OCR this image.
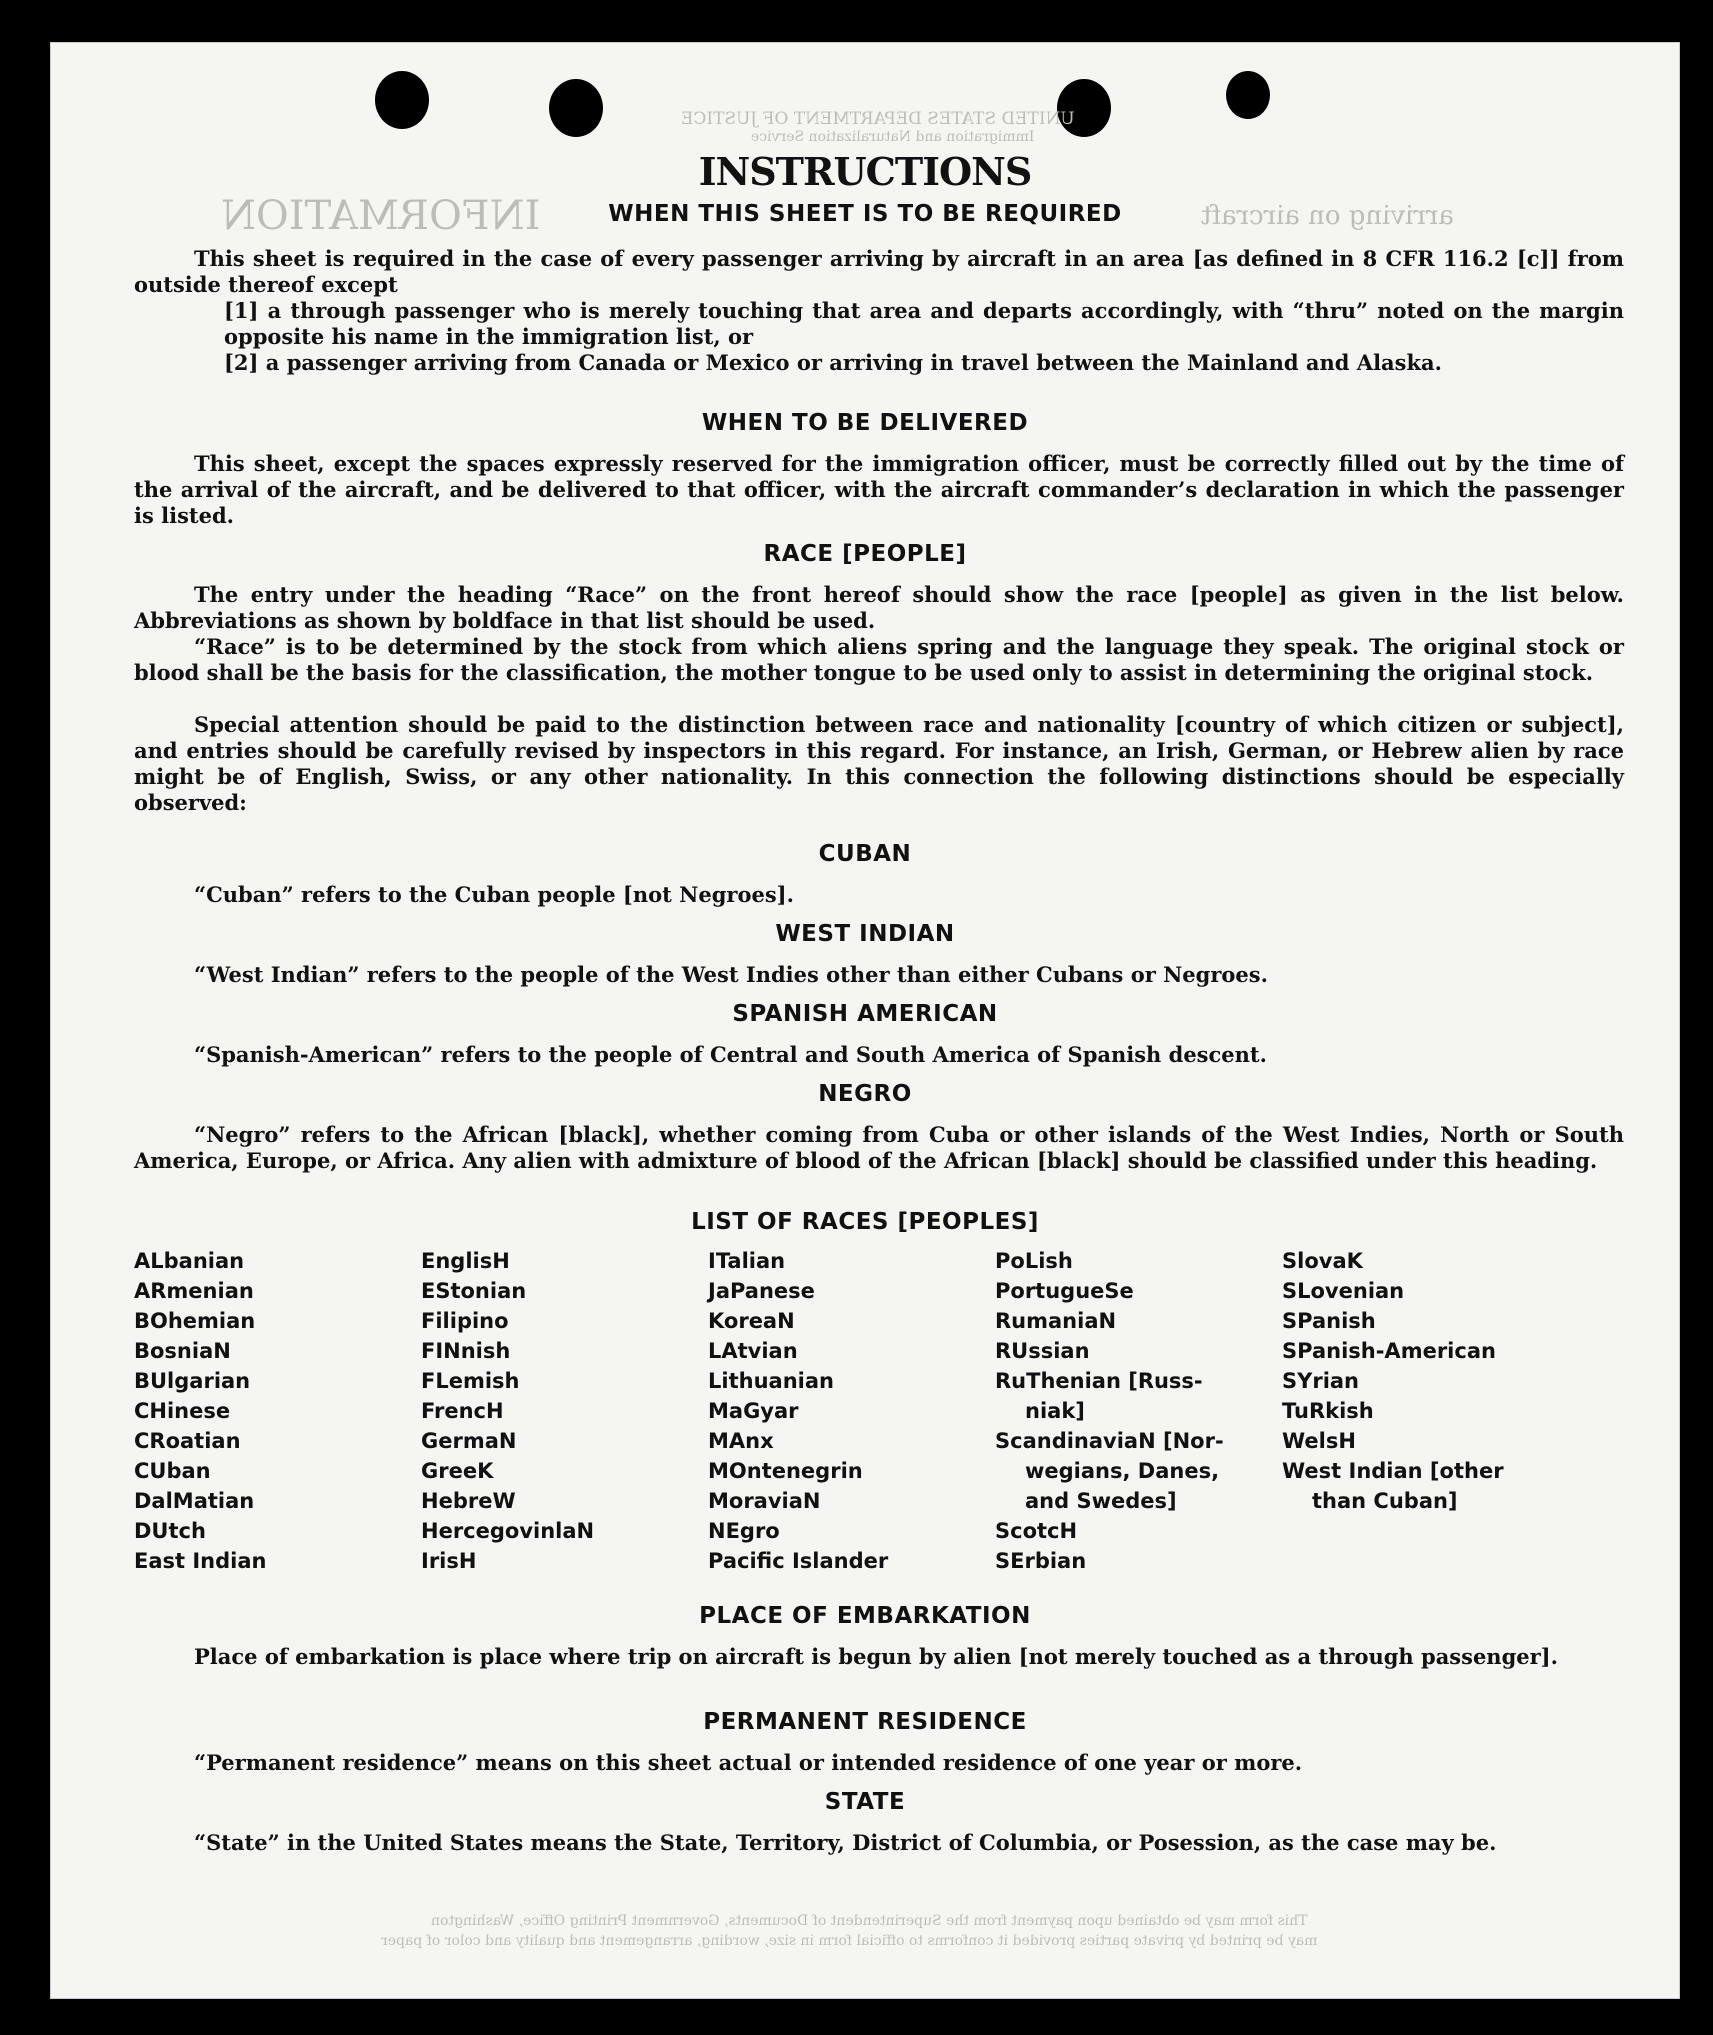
UNITED STATES DEPARTMENT OF JUSTICE
Immigration and Naturalization Service
INFORMATION	arriving on aircraft
This form may be obtained upon payment from the Superintendent of Documents, Government Printing Office, Washington
may be printed by private parties provided it conforms to official form in size, wording, arrangement and quality and color of paper
INSTRUCTIONS
WHEN THIS SHEET IS TO BE REQUIRED

This sheet is required in the case of every passenger arriving by aircraft in an area [as defined in 8 CFR 116.2 [c]] from outside thereof except

[1] a through passenger who is merely touching that area and departs accordingly, with “thru” noted on the margin opposite his name in the immigration list, or

[2] a passenger arriving from Canada or Mexico or arriving in travel between the Mainland and Alaska.

WHEN TO BE DELIVERED

This sheet, except the spaces expressly reserved for the immigration officer, must be correctly filled out by the time of the arrival of the aircraft, and be delivered to that officer, with the aircraft commander’s declaration in which the passenger is listed.

RACE [PEOPLE]

The entry under the heading “Race” on the front hereof should show the race [people] as given in the list below. Abbreviations as shown by boldface in that list should be used.

“Race” is to be determined by the stock from which aliens spring and the language they speak. The original stock or blood shall be the basis for the classification, the mother tongue to be used only to assist in determining the original stock.

Special attention should be paid to the distinction between race and nationality [country of which citizen or subject], and entries should be carefully revised by inspectors in this regard. For instance, an Irish, German, or Hebrew alien by race might be of English, Swiss, or any other nationality. In this connection the following distinctions should be especially observed:

CUBAN

“Cuban” refers to the Cuban people [not Negroes].

WEST INDIAN

“West Indian” refers to the people of the West Indies other than either Cubans or Negroes.

SPANISH AMERICAN

“Spanish-American” refers to the people of Central and South America of Spanish descent.

NEGRO

“Negro” refers to the African [black], whether coming from Cuba or other islands of the West Indies, North or South America, Europe, or Africa. Any alien with admixture of blood of the African [black] should be classified under this heading.

LIST OF RACES [PEOPLES]
ALbanian
ARmenian
BOhemian
BosniaN
BUlgarian
CHinese
CRoatian
CUban
DalMatian
DUtch
East Indian
EnglisH
EStonian
Filipino
FINnish
FLemish
FrencH
GermaN
GreeK
HebreW
HercegovinlaN
IrisH
ITalian
JaPanese
KoreaN
LAtvian
Lithuanian
MaGyar
MAnx
MOntenegrin
MoraviaN
NEgro
Pacific Islander
PoLish
PortugueSe
RumaniaN
RUssian
RuThenian [Russ-
niak]
ScandinaviaN [Nor-
wegians, Danes,
and Swedes]
ScotcH
SErbian
SlovaK
SLovenian
SPanish
SPanish-American
SYrian
TuRkish
WelsH
West Indian [other
than Cuban]
PLACE OF EMBARKATION

Place of embarkation is place where trip on aircraft is begun by alien [not merely touched as a through passenger].

PERMANENT RESIDENCE

“Permanent residence” means on this sheet actual or intended residence of one year or more.

STATE

“State” in the United States means the State, Territory, District of Columbia, or Posession, as the case may be.
